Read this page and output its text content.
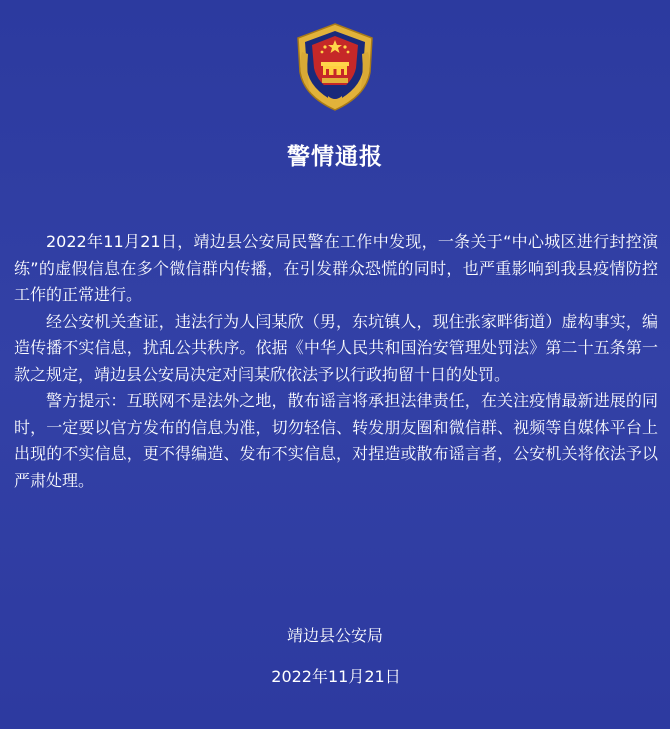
警情通报

2022年11月21日，靖边县公安局民警在工作中发现，一条关于“中心城区进行封控演练”的虚假信息在多个微信群内传播，在引发群众恐慌的同时，也严重影响到我县疫情防控工作的正常进行。

经公安机关查证，违法行为人闫某欣（男，东坑镇人，现住张家畔街道）虚构事实，编造传播不实信息，扰乱公共秩序。依据《中华人民共和国治安管理处罚法》第二十五条第一款之规定，靖边县公安局决定对闫某欣依法予以行政拘留十日的处罚。

警方提示：互联网不是法外之地，散布谣言将承担法律责任，在关注疫情最新进展的同时，一定要以官方发布的信息为准，切勿轻信、转发朋友圈和微信群、视频等自媒体平台上出现的不实信息，更不得编造、发布不实信息，对捏造或散布谣言者，公安机关将依法予以严肃处理。

靖边县公安局
2022年11月21日
